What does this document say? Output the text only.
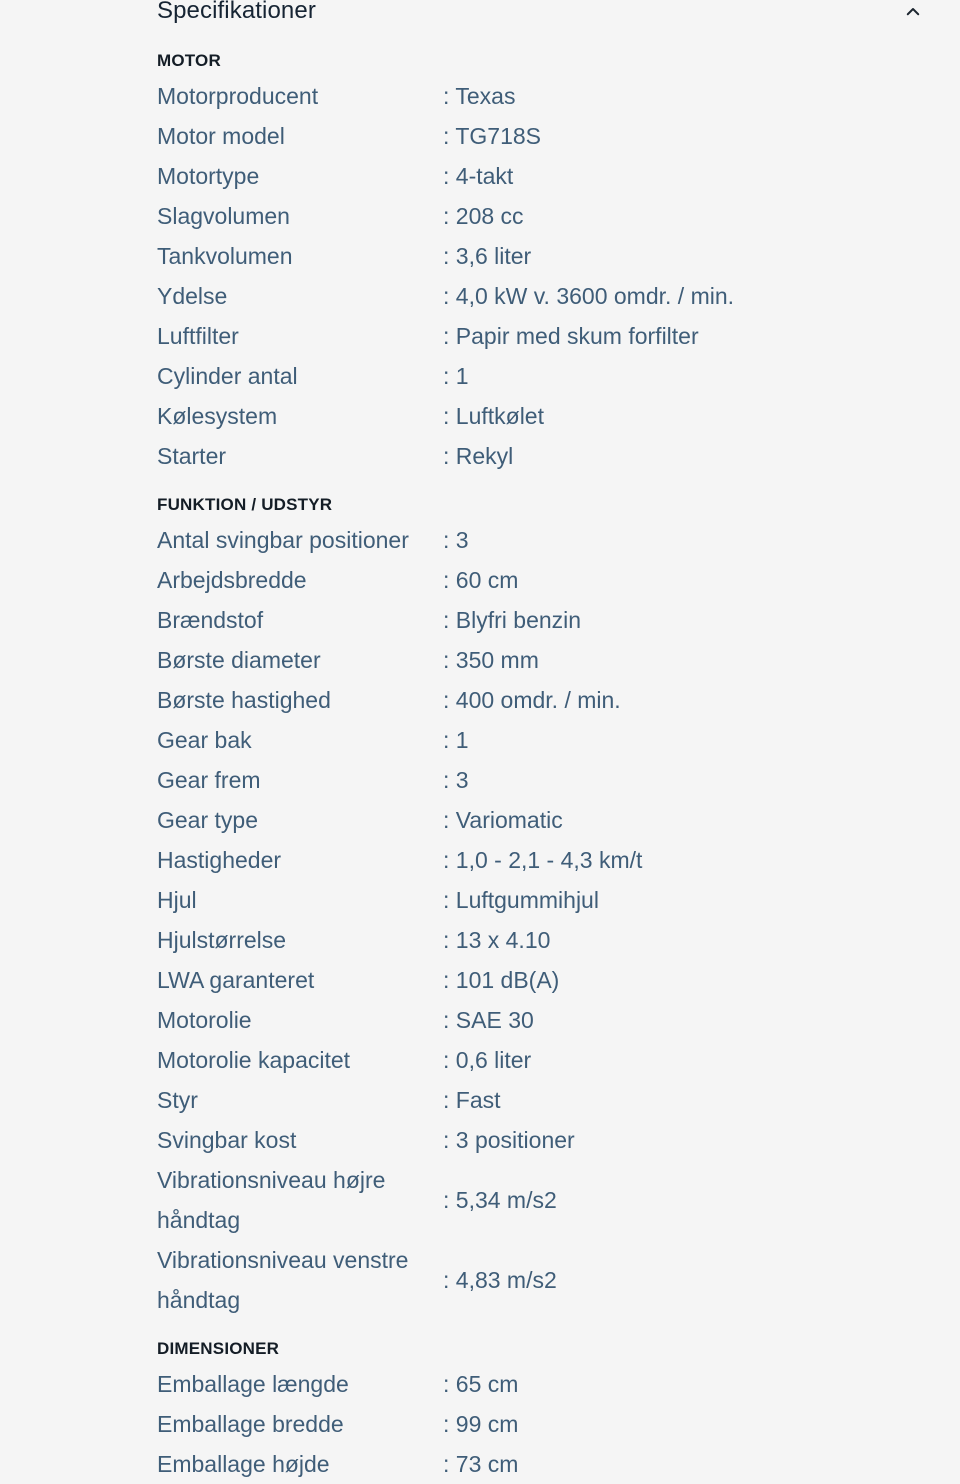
Specifikationer
MOTOR
Motorproducent	: Texas
Motor model	: TG718S
Motortype	: 4-takt
Slagvolumen	: 208 cc
Tankvolumen	: 3,6 liter
Ydelse	: 4,0 kW v. 3600 omdr. / min.
Luftfilter	: Papir med skum forfilter
Cylinder antal	: 1
Kølesystem	: Luftkølet
Starter	: Rekyl
FUNKTION / UDSTYR
Antal svingbar positioner	: 3
Arbejdsbredde	: 60 cm
Brændstof	: Blyfri benzin
Børste diameter	: 350 mm
Børste hastighed	: 400 omdr. / min.
Gear bak	: 1
Gear frem	: 3
Gear type	: Variomatic
Hastigheder	: 1,0 - 2,1 - 4,3 km/t
Hjul	: Luftgummihjul
Hjulstørrelse	: 13 x 4.10
LWA garanteret	: 101 dB(A)
Motorolie	: SAE 30
Motorolie kapacitet	: 0,6 liter
Styr	: Fast
Svingbar kost	: 3 positioner
Vibrationsniveau højre håndtag
: 5,34 m/s2
Vibrationsniveau venstre håndtag
: 4,83 m/s2
DIMENSIONER
Emballage længde	: 65 cm
Emballage bredde	: 99 cm
Emballage højde	: 73 cm
